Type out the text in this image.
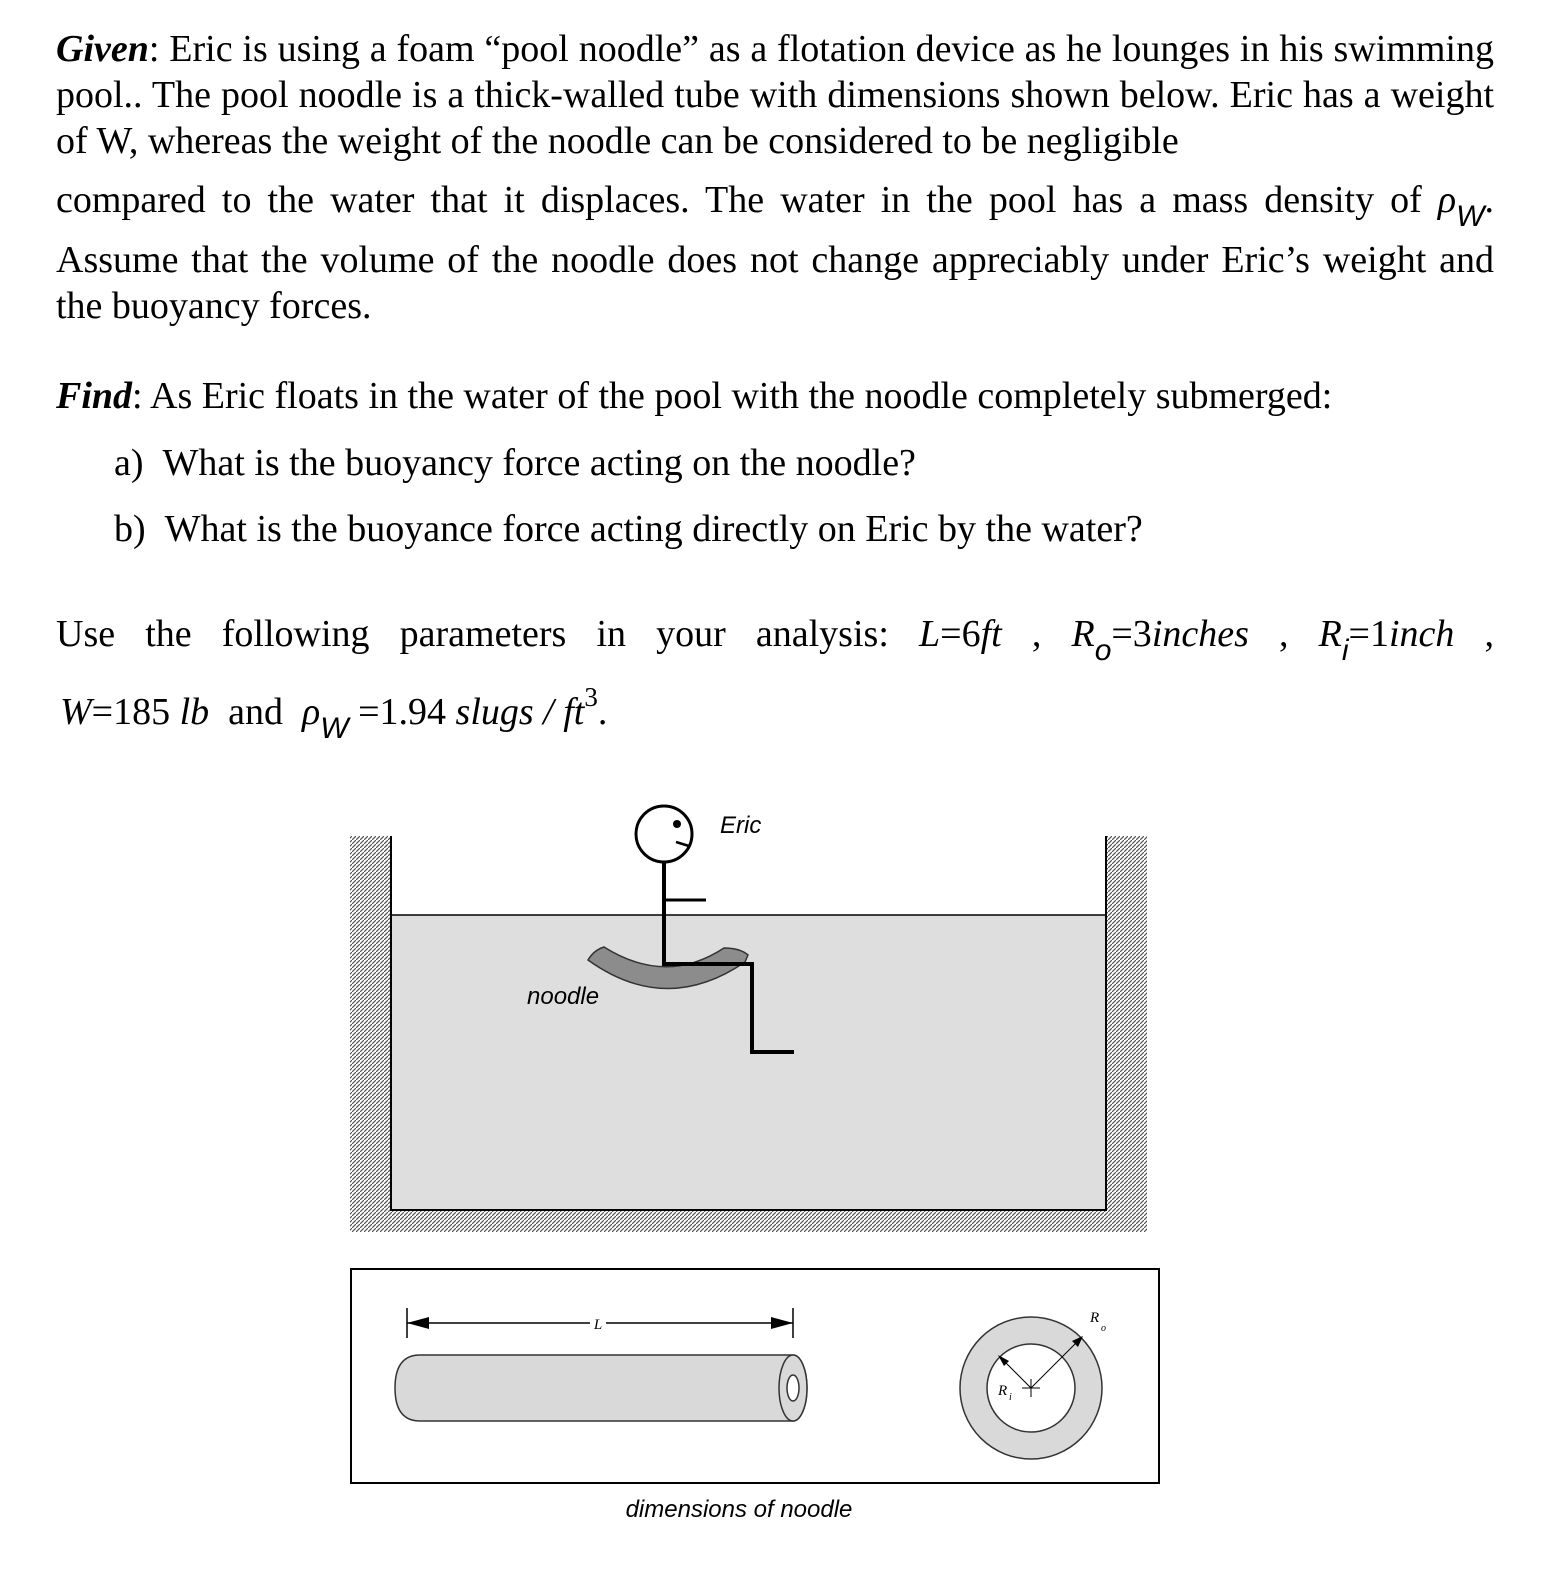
Given: Eric is using a foam “pool noodle” as a flotation device as he lounges in his swimming pool.. The pool noodle is a thick-walled tube with dimensions shown below. Eric has a weight of W, whereas the weight of the noodle can be considered to be negligible
compared to the water that it displaces. The water in the pool has a mass density of $\rho_W$.
Assume that the volume of the noodle does not change appreciably under Eric’s weight and the buoyancy forces.
Find: As Eric floats in the water of the pool with the noodle completely submerged:
a) What is the buoyancy force acting on the noodle?
b) What is the buoyance force acting directly on Eric by the water?
Use the following parameters in your analysis: L=6ft , $R_o=3inches$ , $R_i=1inch$ ,
W=185 lb and $\rho_W =1.94$ slugs / $ft^3$.
Eric
noodle
L
R i
R
o
dimensions of noodle
